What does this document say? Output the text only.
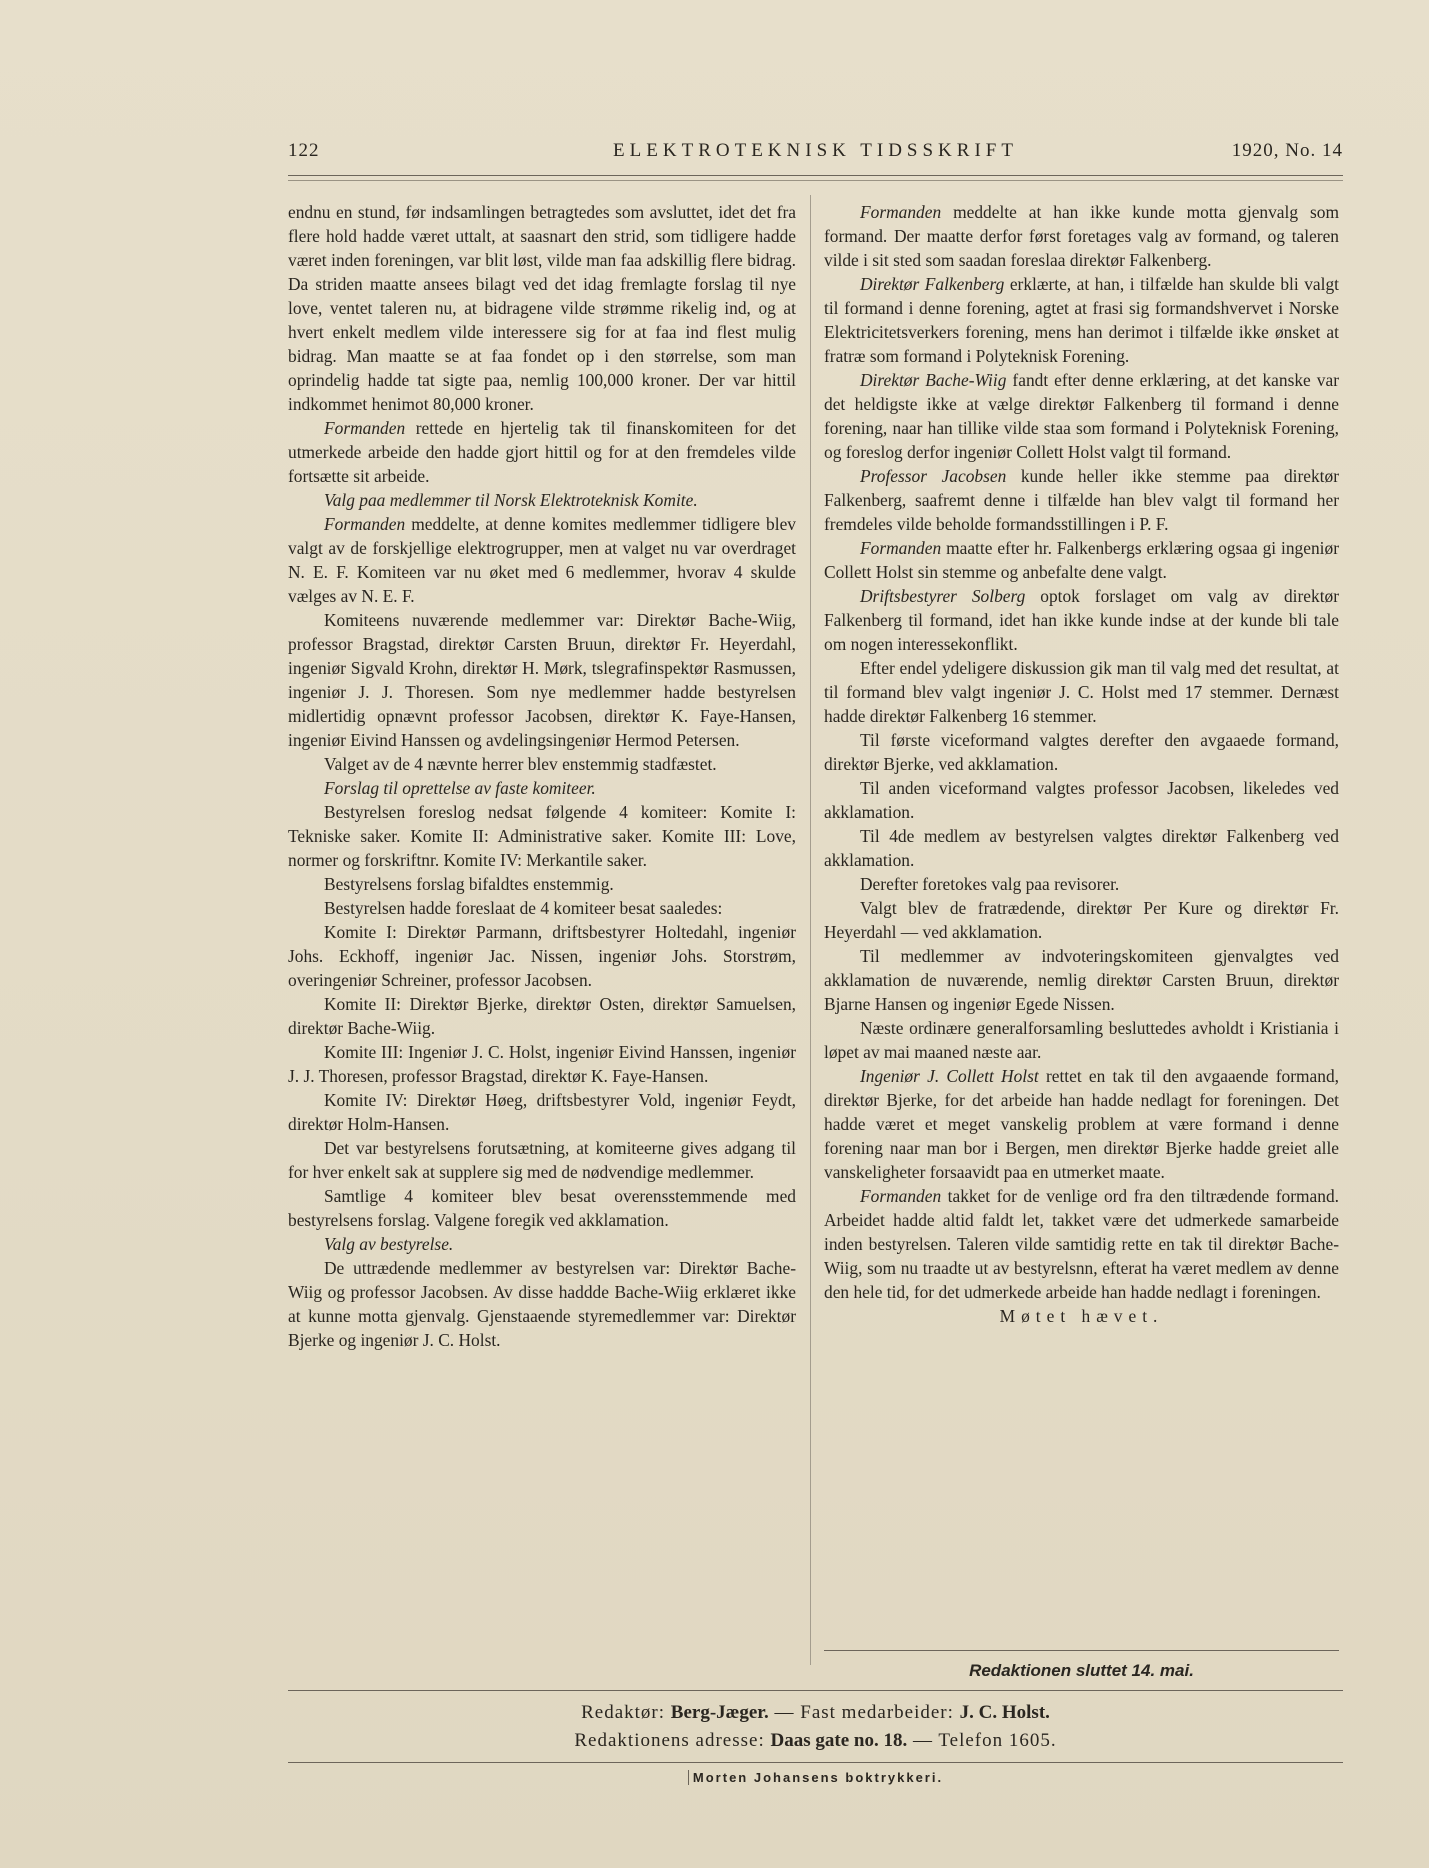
122	ELEKTROTEKNISK TIDSSKRIFT	1920, No. 14

endnu en stund, før indsamlingen betragtedes som avsluttet, idet det fra flere hold hadde været uttalt, at saasnart den strid, som tidligere hadde været inden foreningen, var blit løst, vilde man faa adskillig flere bidrag. Da striden maatte ansees bilagt ved det idag fremlagte forslag til nye love, ventet taleren nu, at bidragene vilde strømme rikelig ind, og at hvert enkelt medlem vilde interessere sig for at faa ind flest mulig bidrag. Man maatte se at faa fondet op i den størrelse, som man oprindelig hadde tat sigte paa, nemlig 100,000 kroner. Der var hittil indkommet henimot 80,000 kroner.

Formanden rettede en hjertelig tak til finanskomiteen for det utmerkede arbeide den hadde gjort hittil og for at den fremdeles vilde fortsætte sit arbeide.

Valg paa medlemmer til Norsk Elektroteknisk Komite.

Formanden meddelte, at denne komites medlemmer tidligere blev valgt av de forskjellige elektrogrupper, men at valget nu var overdraget N. E. F. Komiteen var nu øket med 6 medlemmer, hvorav 4 skulde vælges av N. E. F.

Komiteens nuværende medlemmer var: Direktør Bache-Wiig, professor Bragstad, direktør Carsten Bruun, direktør Fr. Heyerdahl, ingeniør Sigvald Krohn, direktør H. Mørk, tslegrafinspektør Rasmussen, ingeniør J. J. Thoresen. Som nye medlemmer hadde bestyrelsen midlertidig opnævnt professor Jacobsen, direktør K. Faye-Hansen, ingeniør Eivind Hanssen og avdelingsingeniør Hermod Petersen.

Valget av de 4 nævnte herrer blev enstemmig stadfæstet.

Forslag til oprettelse av faste komiteer.

Bestyrelsen foreslog nedsat følgende 4 komiteer: Komite I: Tekniske saker. Komite II: Administrative saker. Komite III: Love, normer og forskriftnr. Komite IV: Merkantile saker.

Bestyrelsens forslag bifaldtes enstemmig.

Bestyrelsen hadde foreslaat de 4 komiteer besat saaledes:

Komite I: Direktør Parmann, driftsbestyrer Holtedahl, ingeniør Johs. Eckhoff, ingeniør Jac. Nissen, ingeniør Johs. Storstrøm, overingeniør Schreiner, professor Jacobsen.

Komite II: Direktør Bjerke, direktør Osten, direktør Samuelsen, direktør Bache-Wiig.

Komite III: Ingeniør J. C. Holst, ingeniør Eivind Hanssen, ingeniør J. J. Thoresen, professor Bragstad, direktør K. Faye-Hansen.

Komite IV: Direktør Høeg, driftsbestyrer Vold, ingeniør Feydt, direktør Holm-Hansen.

Det var bestyrelsens forutsætning, at komiteerne gives adgang til for hver enkelt sak at supplere sig med de nødvendige medlemmer.

Samtlige 4 komiteer blev besat overensstemmende med bestyrelsens forslag. Valgene foregik ved akklamation.

Valg av bestyrelse.

De uttrædende medlemmer av bestyrelsen var: Direktør Bache-Wiig og professor Jacobsen. Av disse haddde Bache-Wiig erklæret ikke at kunne motta gjenvalg. Gjenstaaende styremedlemmer var: Direktør Bjerke og ingeniør J. C. Holst.

Formanden meddelte at han ikke kunde motta gjenvalg som formand. Der maatte derfor først foretages valg av formand, og taleren vilde i sit sted som saadan foreslaa direktør Falkenberg.

Direktør Falkenberg erklærte, at han, i tilfælde han skulde bli valgt til formand i denne forening, agtet at frasi sig formandshvervet i Norske Elektricitetsverkers forening, mens han derimot i tilfælde ikke ønsket at fratræ som formand i Polyteknisk Forening.

Direktør Bache-Wiig fandt efter denne erklæring, at det kanske var det heldigste ikke at vælge direktør Falkenberg til formand i denne forening, naar han tillike vilde staa som formand i Polyteknisk Forening, og foreslog derfor ingeniør Collett Holst valgt til formand.

Professor Jacobsen kunde heller ikke stemme paa direktør Falkenberg, saafremt denne i tilfælde han blev valgt til formand her fremdeles vilde beholde formandsstillingen i P. F.

Formanden maatte efter hr. Falkenbergs erklæring ogsaa gi ingeniør Collett Holst sin stemme og anbefalte dene valgt.

Driftsbestyrer Solberg optok forslaget om valg av direktør Falkenberg til formand, idet han ikke kunde indse at der kunde bli tale om nogen interessekonflikt.

Efter endel ydeligere diskussion gik man til valg med det resultat, at til formand blev valgt ingeniør J. C. Holst med 17 stemmer. Dernæst hadde direktør Falkenberg 16 stemmer.

Til første viceformand valgtes derefter den avgaaede formand, direktør Bjerke, ved akklamation.

Til anden viceformand valgtes professor Jacobsen, likeledes ved akklamation.

Til 4de medlem av bestyrelsen valgtes direktør Falkenberg ved akklamation.

Derefter foretokes valg paa revisorer.

Valgt blev de fratrædende, direktør Per Kure og direktør Fr. Heyerdahl — ved akklamation.

Til medlemmer av indvoteringskomiteen gjenvalgtes ved akklamation de nuværende, nemlig direktør Carsten Bruun, direktør Bjarne Hansen og ingeniør Egede Nissen.

Næste ordinære generalforsamling besluttedes avholdt i Kristiania i løpet av mai maaned næste aar.

Ingeniør J. Collett Holst rettet en tak til den avgaaende formand, direktør Bjerke, for det arbeide han hadde nedlagt for foreningen. Det hadde været et meget vanskelig problem at være formand i denne forening naar man bor i Bergen, men direktør Bjerke hadde greiet alle vanskeligheter forsaavidt paa en utmerket maate.

Formanden takket for de venlige ord fra den tiltrædende formand. Arbeidet hadde altid faldt let, takket være det udmerkede samarbeide inden bestyrelsen. Taleren vilde samtidig rette en tak til direktør Bache-Wiig, som nu traadte ut av bestyrelsnn, efterat ha været medlem av denne den hele tid, for det udmerkede arbeide han hadde nedlagt i foreningen.

Møtet hævet.

Redaktionen sluttet 14. mai.
Redaktør: Berg-Jæger. — Fast medarbeider: J. C. Holst.
Redaktionens adresse: Daas gate no. 18. — Telefon 1605.
Morten Johansens boktrykkeri.
